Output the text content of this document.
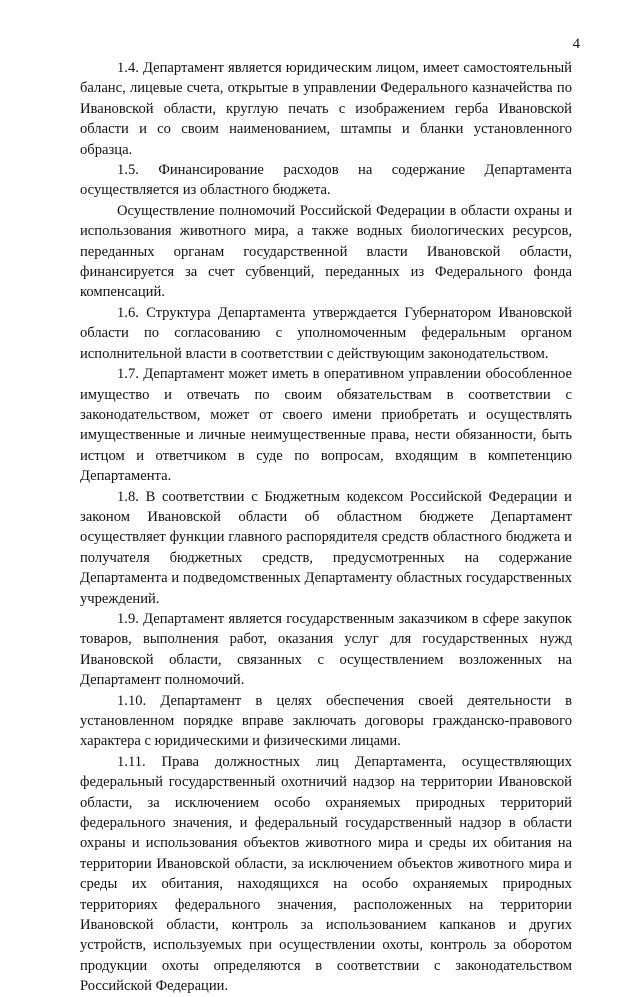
4

1.4. Департамент является юридическим лицом, имеет самостоятельный баланс, лицевые счета, открытые в управлении Федерального казначейства по Ивановской области, круглую печать с изображением герба Ивановской области и со своим наименованием, штампы и бланки установленного образца.

1.5. Финансирование расходов на содержание Департамента осуществляется из областного бюджета.

Осуществление полномочий Российской Федерации в области охраны и использования животного мира, а также водных биологических ресурсов, переданных органам государственной власти Ивановской области, финансируется за счет субвенций, переданных из Федерального фонда компенсаций.

1.6. Структура Департамента утверждается Губернатором Ивановской области по согласованию с уполномоченным федеральным органом исполнительной власти в соответствии с действующим законодательством.

1.7. Департамент может иметь в оперативном управлении обособленное имущество и отвечать по своим обязательствам в соответствии с законодательством, может от своего имени приобретать и осуществлять имущественные и личные неимущественные права, нести обязанности, быть истцом и ответчиком в суде по вопросам, входящим в компетенцию Департамента.

1.8. В соответствии с Бюджетным кодексом Российской Федерации и законом Ивановской области об областном бюджете Департамент осуществляет функции главного распорядителя средств областного бюджета и получателя бюджетных средств, предусмотренных на содержание Департамента и подведомственных Департаменту областных государственных учреждений.

1.9. Департамент является государственным заказчиком в сфере закупок товаров, выполнения работ, оказания услуг для государственных нужд Ивановской области, связанных с осуществлением возложенных на Департамент полномочий.

1.10. Департамент в целях обеспечения своей деятельности в установленном порядке вправе заключать договоры гражданско-правового характера с юридическими и физическими лицами.

1.11. Права должностных лиц Департамента, осуществляющих федеральный государственный охотничий надзор на территории Ивановской области, за исключением особо охраняемых природных территорий федерального значения, и федеральный государственный надзор в области охраны и использования объектов животного мира и среды их обитания на территории Ивановской области, за исключением объектов животного мира и среды их обитания, находящихся на особо охраняемых природных территориях федерального значения, расположенных на территории Ивановской области, контроль за использованием капканов и других устройств, используемых при осуществлении охоты, контроль за оборотом продукции охоты определяются в соответствии с законодательством Российской Федерации.
